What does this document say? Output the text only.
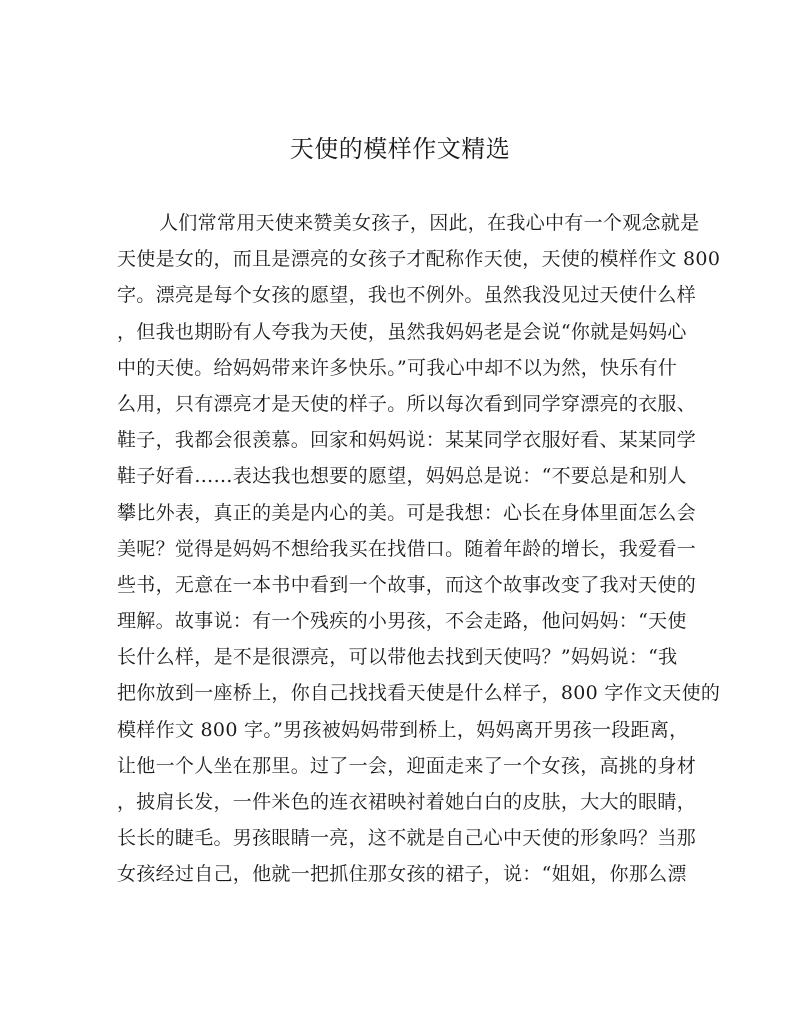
天使的模样作文精选
人们常常用天使来赞美女孩子，因此，在我心中有一个观念就是
天使是女的，而且是漂亮的女孩子才配称作天使，天使的模样作文 800
字。漂亮是每个女孩的愿望，我也不例外。虽然我没见过天使什么样
，但我也期盼有人夸我为天使，虽然我妈妈老是会说“你就是妈妈心
中的天使。给妈妈带来许多快乐。”可我心中却不以为然，快乐有什
么用，只有漂亮才是天使的样子。所以每次看到同学穿漂亮的衣服、
鞋子，我都会很羡慕。回家和妈妈说：某某同学衣服好看、某某同学
鞋子好看……表达我也想要的愿望，妈妈总是说：“不要总是和别人
攀比外表，真正的美是内心的美。可是我想：心长在身体里面怎么会
美呢？觉得是妈妈不想给我买在找借口。随着年龄的增长，我爱看一
些书，无意在一本书中看到一个故事，而这个故事改变了我对天使的
理解。故事说：有一个残疾的小男孩，不会走路，他问妈妈：“天使
长什么样，是不是很漂亮，可以带他去找到天使吗？”妈妈说：“我
把你放到一座桥上，你自己找找看天使是什么样子，800 字作文天使的
模样作文 800 字。”男孩被妈妈带到桥上，妈妈离开男孩一段距离，
让他一个人坐在那里。过了一会，迎面走来了一个女孩，高挑的身材
，披肩长发，一件米色的连衣裙映衬着她白白的皮肤，大大的眼睛，
长长的睫毛。男孩眼睛一亮，这不就是自己心中天使的形象吗？当那
女孩经过自己，他就一把抓住那女孩的裙子，说：“姐姐，你那么漂
